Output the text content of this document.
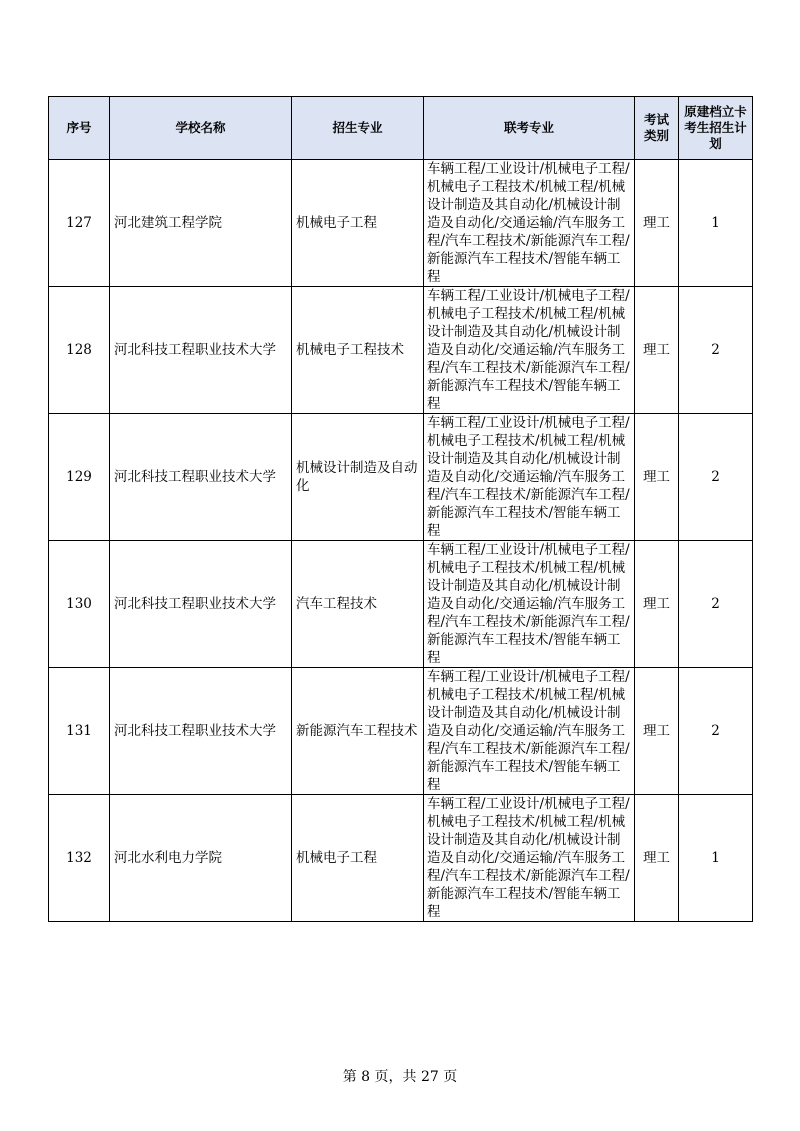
序号	学校名称	招生专业	联考专业	考试类别	原建档立卡考生招生计划
127	河北建筑工程学院	机械电子工程	车辆工程/工业设计/机械电子工程/机械电子工程技术/机械工程/机械设计制造及其自动化/机械设计制造及自动化/交通运输/汽车服务工程/汽车工程技术/新能源汽车工程/新能源汽车工程技术/智能车辆工程	理工	1
128	河北科技工程职业技术大学	机械电子工程技术	车辆工程/工业设计/机械电子工程/机械电子工程技术/机械工程/机械设计制造及其自动化/机械设计制造及自动化/交通运输/汽车服务工程/汽车工程技术/新能源汽车工程/新能源汽车工程技术/智能车辆工程	理工	2
129	河北科技工程职业技术大学	机械设计制造及自动化	车辆工程/工业设计/机械电子工程/机械电子工程技术/机械工程/机械设计制造及其自动化/机械设计制造及自动化/交通运输/汽车服务工程/汽车工程技术/新能源汽车工程/新能源汽车工程技术/智能车辆工程	理工	2
130	河北科技工程职业技术大学	汽车工程技术	车辆工程/工业设计/机械电子工程/机械电子工程技术/机械工程/机械设计制造及其自动化/机械设计制造及自动化/交通运输/汽车服务工程/汽车工程技术/新能源汽车工程/新能源汽车工程技术/智能车辆工程	理工	2
131	河北科技工程职业技术大学	新能源汽车工程技术	车辆工程/工业设计/机械电子工程/机械电子工程技术/机械工程/机械设计制造及其自动化/机械设计制造及自动化/交通运输/汽车服务工程/汽车工程技术/新能源汽车工程/新能源汽车工程技术/智能车辆工程	理工	2
132	河北水利电力学院	机械电子工程	车辆工程/工业设计/机械电子工程/机械电子工程技术/机械工程/机械设计制造及其自动化/机械设计制造及自动化/交通运输/汽车服务工程/汽车工程技术/新能源汽车工程/新能源汽车工程技术/智能车辆工程	理工	1
第 8 页，共 27 页
